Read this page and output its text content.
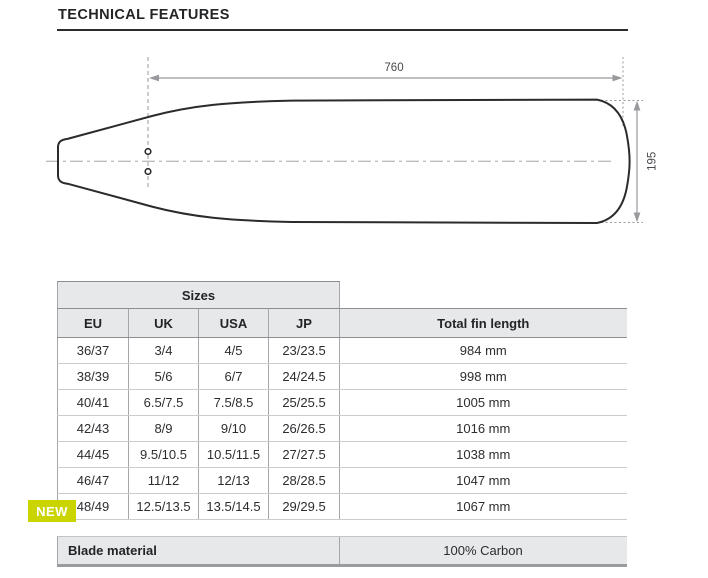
TECHNICAL FEATURES
760
195
Sizes				
EU	UK	USA	JP	Total fin length
36/37	3/4	4/5	23/23.5	984 mm
38/39	5/6	6/7	24/24.5	998 mm
40/41	6.5/7.5	7.5/8.5	25/25.5	1005 mm
42/43	8/9	9/10	26/26.5	1016 mm
44/45	9.5/10.5	10.5/11.5	27/27.5	1038 mm
46/47	11/12	12/13	28/28.5	1047 mm
48/49	12.5/13.5	13.5/14.5	29/29.5	1067 mm
NEW
Blade material	100% Carbon
